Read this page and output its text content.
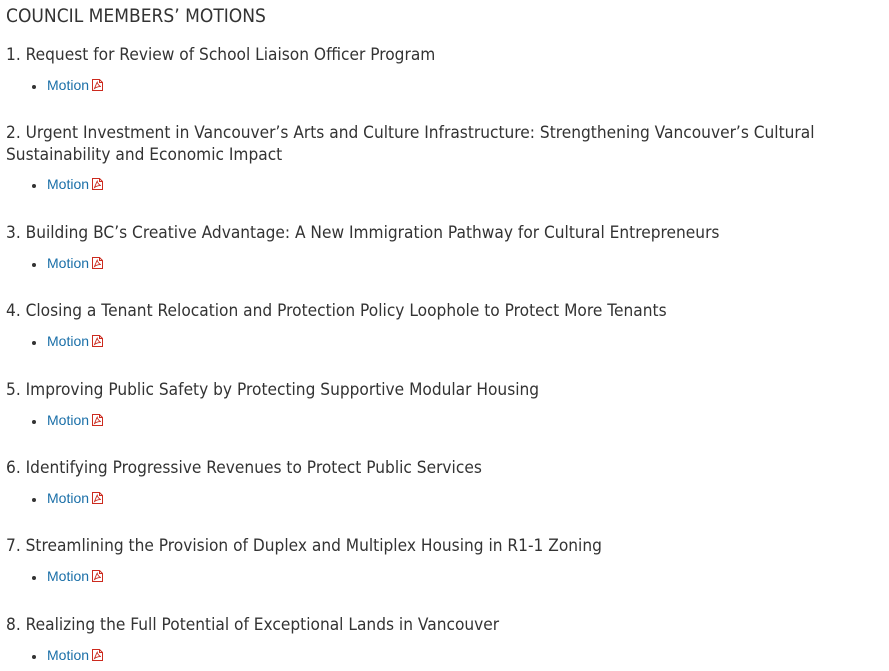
COUNCIL MEMBERS’ MOTIONS
1. Request for Review of School Liaison Officer Program
• Motion
2. Urgent Investment in Vancouver’s Arts and Culture Infrastructure: Strengthening Vancouver’s Cultural Sustainability and Economic Impact
• Motion
3. Building BC’s Creative Advantage: A New Immigration Pathway for Cultural Entrepreneurs
• Motion
4. Closing a Tenant Relocation and Protection Policy Loophole to Protect More Tenants
• Motion
5. Improving Public Safety by Protecting Supportive Modular Housing
• Motion
6. Identifying Progressive Revenues to Protect Public Services
• Motion
7. Streamlining the Provision of Duplex and Multiplex Housing in R1-1 Zoning
• Motion
8. Realizing the Full Potential of Exceptional Lands in Vancouver
• Motion
